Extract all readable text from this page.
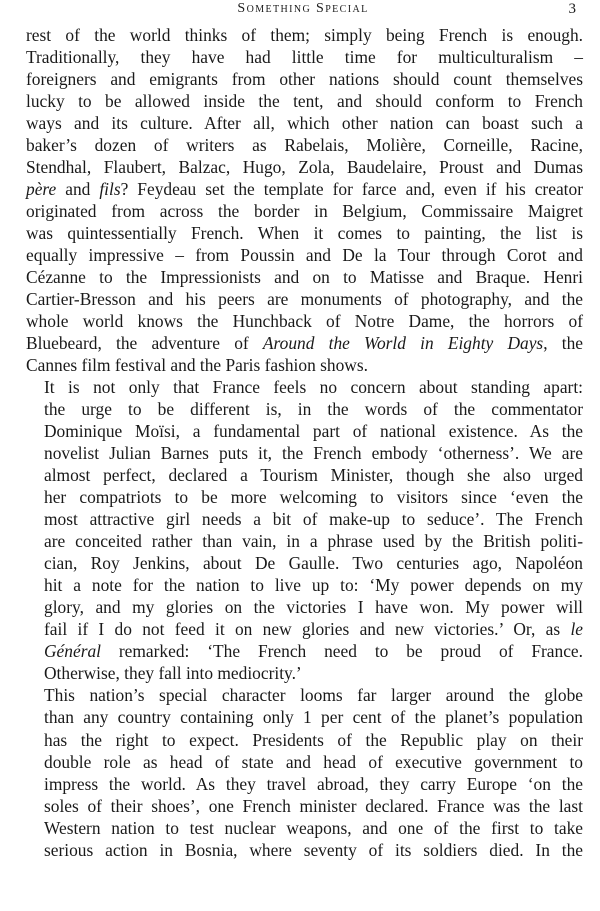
Something Special	3
rest of the world thinks of them; simply being French is enough.
Traditionally, they have had little time for multiculturalism –
foreigners and emigrants from other nations should count themselves
lucky to be allowed inside the tent, and should conform to French
ways and its culture. After all, which other nation can boast such a
baker’s dozen of writers as Rabelais, Molière, Corneille, Racine,
Stendhal, Flaubert, Balzac, Hugo, Zola, Baudelaire, Proust and Dumas
père and fils? Feydeau set the template for farce and, even if his creator
originated from across the border in Belgium, Commissaire Maigret
was quintessentially French. When it comes to painting, the list is
equally impressive – from Poussin and De la Tour through Corot and
Cézanne to the Impressionists and on to Matisse and Braque. Henri
Cartier-Bresson and his peers are monuments of photography, and the
whole world knows the Hunchback of Notre Dame, the horrors of
Bluebeard, the adventure of Around the World in Eighty Days, the
Cannes film festival and the Paris fashion shows.
It is not only that France feels no concern about standing apart:
the urge to be different is, in the words of the commentator
Dominique Moïsi, a fundamental part of national existence. As the
novelist Julian Barnes puts it, the French embody ‘otherness’. We are
almost perfect, declared a Tourism Minister, though she also urged
her compatriots to be more welcoming to visitors since ‘even the
most attractive girl needs a bit of make-up to seduce’. The French
are conceited rather than vain, in a phrase used by the British politi-
cian, Roy Jenkins, about De Gaulle. Two centuries ago, Napoléon
hit a note for the nation to live up to: ‘My power depends on my
glory, and my glories on the victories I have won. My power will
fail if I do not feed it on new glories and new victories.’ Or, as le
Général remarked: ‘The French need to be proud of France.
Otherwise, they fall into mediocrity.’
This nation’s special character looms far larger around the globe
than any country containing only 1 per cent of the planet’s population
has the right to expect. Presidents of the Republic play on their
double role as head of state and head of executive government to
impress the world. As they travel abroad, they carry Europe ‘on the
soles of their shoes’, one French minister declared. France was the last
Western nation to test nuclear weapons, and one of the first to take
serious action in Bosnia, where seventy of its soldiers died. In the
